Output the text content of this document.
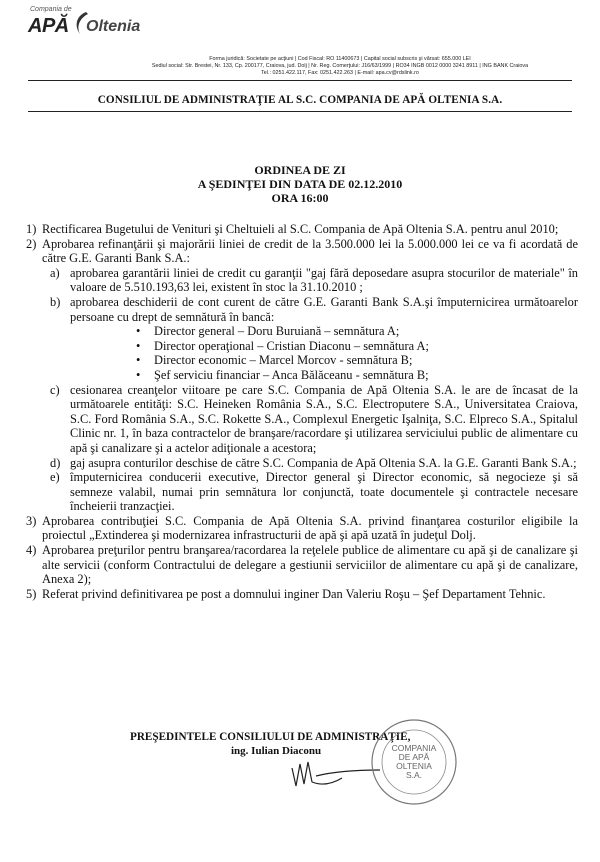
Compania de
APĂ Oltenia
Forma juridică: Societate pe acţiuni | Cod Fiscal: RO 11400673 | Capital social subscris şi vărsat: 655.000 LEI
Sediul social: Str. Brestei, Nr. 133, Cp. 200177, Craiova, jud. Dolj | Nr. Reg. Comerţului: J16/63/1999 | RO34 INGB 0012 0000 3241 8911 | ING BANK Craiova
Tel.: 0251.422.117, Fax: 0251.422.263 | E-mail: apa.cv@rdslink.ro
CONSILIUL DE ADMINISTRAŢIE AL S.C. COMPANIA DE APĂ OLTENIA S.A.
ORDINEA DE ZI
A ŞEDINŢEI DIN DATA DE 02.12.2010
ORA 16:00
1) Rectificarea Bugetului de Venituri şi Cheltuieli al S.C. Compania de Apă Oltenia S.A. pentru anul 2010;
2) Aprobarea refinanţării şi majorării liniei de credit de la 3.500.000 lei la 5.000.000 lei ce va fi acordată de către G.E. Garanti Bank S.A.:
a) aprobarea garantării liniei de credit cu garanţii "gaj fără deposedare asupra stocurilor de materiale" în valoare de 5.510.193,63 lei, existent în stoc la 31.10.2010 ;
b) aprobarea deschiderii de cont curent de către G.E. Garanti Bank S.A.şi împuternicirea următoarelor persoane cu drept de semnătură în bancă:
• Director general – Doru Buruiană – semnătura A;
• Director operaţional – Cristian Diaconu – semnătura A;
• Director economic – Marcel Morcov - semnătura B;
• Şef serviciu financiar – Anca Bălăceanu - semnătura B;
c) cesionarea creanţelor viitoare pe care S.C. Compania de Apă Oltenia S.A. le are de încasat de la următoarele entităţi: S.C. Heineken România S.A., S.C. Electroputere S.A., Universitatea Craiova, S.C. Ford România S.A., S.C. Rokette S.A., Complexul Energetic Işalniţa, S.C. Elpreco S.A., Spitalul Clinic nr. 1, în baza contractelor de branşare/racordare şi utilizarea serviciului public de alimentare cu apă şi canalizare şi a actelor adiţionale a acestora;
d) gaj asupra conturilor deschise de către S.C. Compania de Apă Oltenia S.A. la G.E. Garanti Bank S.A.;
e) împuternicirea conducerii executive, Director general şi Director economic, să negocieze şi să semneze valabil, numai prin semnătura lor conjunctă, toate documentele şi contractele necesare încheierii tranzacţiei.
3) Aprobarea contribuţiei S.C. Compania de Apă Oltenia S.A. privind finanţarea costurilor eligibile la proiectul „Extinderea şi modernizarea infrastructurii de apă şi apă uzată în judeţul Dolj.
4) Aprobarea preţurilor pentru branşarea/racordarea la reţelele publice de alimentare cu apă şi de canalizare şi alte servicii (conform Contractului de delegare a gestiunii serviciilor de alimentare cu apă şi de canalizare, Anexa 2);
5) Referat privind definitivarea pe post a domnului inginer Dan Valeriu Roşu – Şef Departament Tehnic.
PREŞEDINTELE CONSILIULUI DE ADMINISTRAŢIE,
ing. Iulian Diaconu	COMPANIA
DE APĂ
OLTENIA
S.A.
